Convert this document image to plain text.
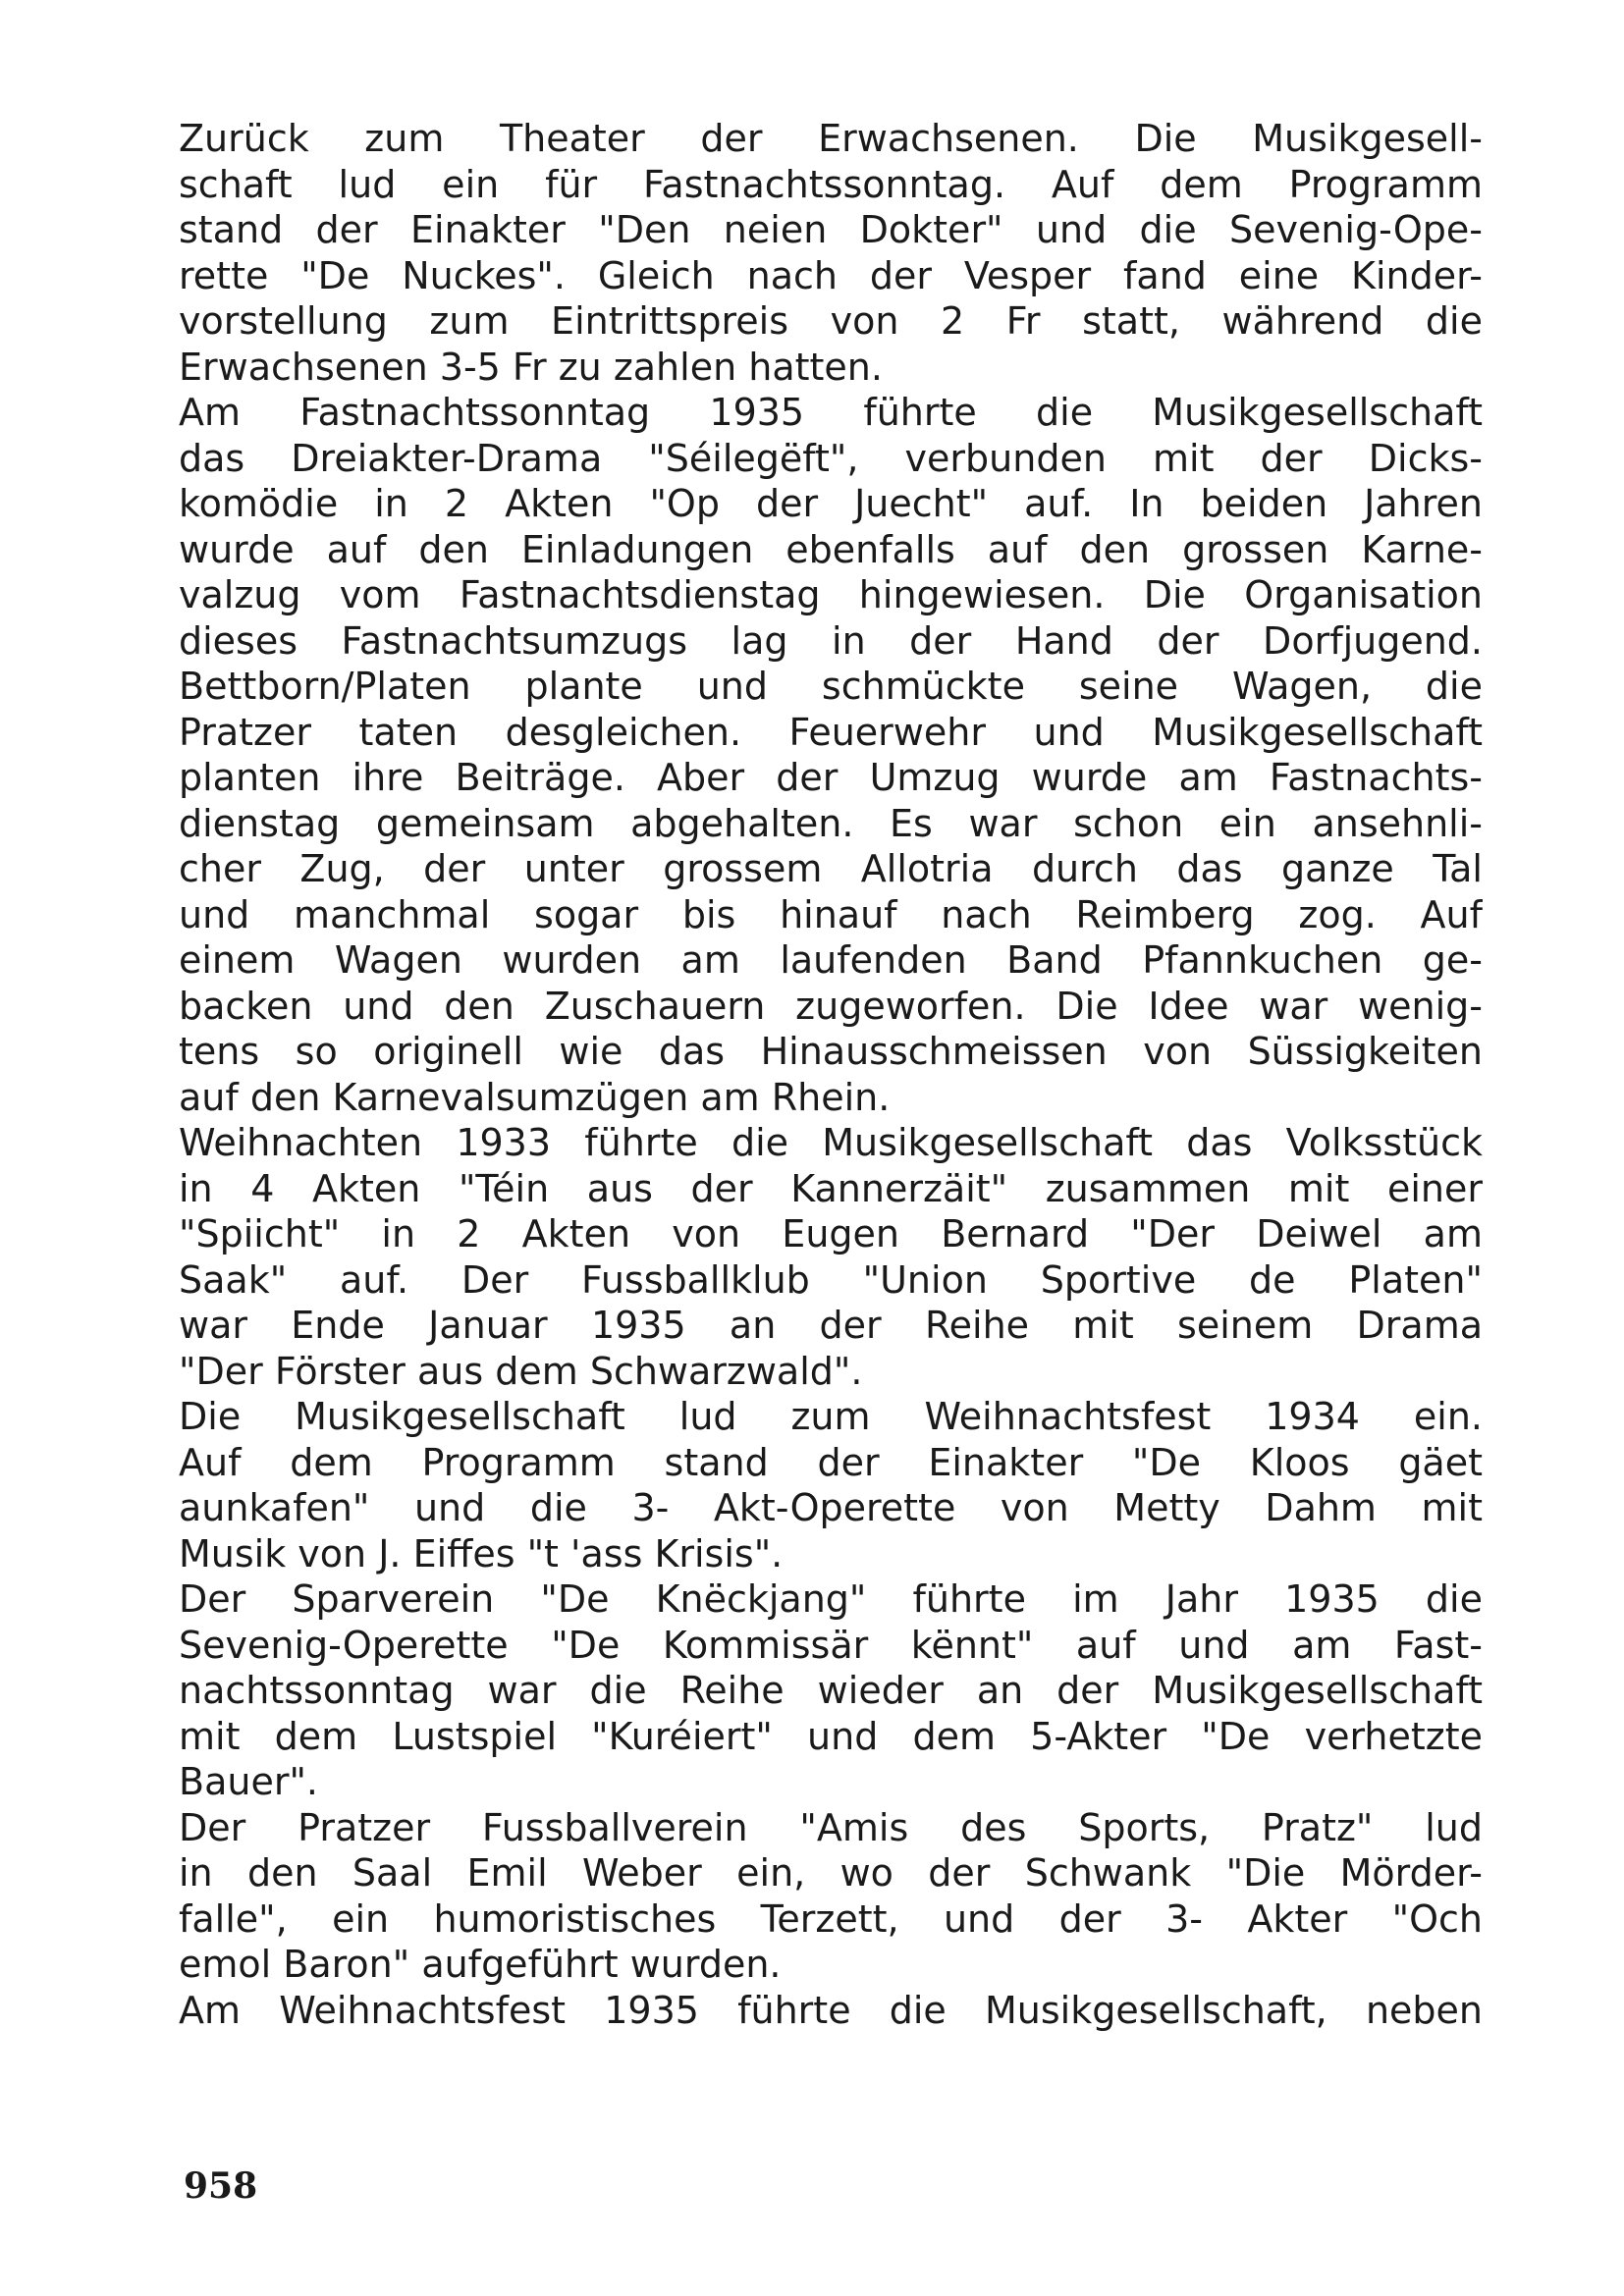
Zurück zum Theater der Erwachsenen. Die Musikgesell-
schaft lud ein für Fastnachtssonntag. Auf dem Programm
stand der Einakter "Den neien Dokter" und die Sevenig-Ope-
rette "De Nuckes". Gleich nach der Vesper fand eine Kinder-
vorstellung zum Eintrittspreis von 2 Fr statt, während die
Erwachsenen 3-5 Fr zu zahlen hatten.
Am Fastnachtssonntag 1935 führte die Musikgesellschaft
das Dreiakter-Drama "Séilegëft", verbunden mit der Dicks-
komödie in 2 Akten "Op der Juecht" auf. In beiden Jahren
wurde auf den Einladungen ebenfalls auf den grossen Karne-
valzug vom Fastnachtsdienstag hingewiesen. Die Organisation
dieses Fastnachtsumzugs lag in der Hand der Dorfjugend.
Bettborn/Platen plante und schmückte seine Wagen, die
Pratzer taten desgleichen. Feuerwehr und Musikgesellschaft
planten ihre Beiträge. Aber der Umzug wurde am Fastnachts-
dienstag gemeinsam abgehalten. Es war schon ein ansehnli-
cher Zug, der unter grossem Allotria durch das ganze Tal
und manchmal sogar bis hinauf nach Reimberg zog. Auf
einem Wagen wurden am laufenden Band Pfannkuchen ge-
backen und den Zuschauern zugeworfen. Die Idee war wenig-
tens so originell wie das Hinausschmeissen von Süssigkeiten
auf den Karnevalsumzügen am Rhein.
Weihnachten 1933 führte die Musikgesellschaft das Volksstück
in 4 Akten "Téin aus der Kannerzäit" zusammen mit einer
"Spiicht" in 2 Akten von Eugen Bernard "Der Deiwel am
Saak" auf. Der Fussballklub "Union Sportive de Platen"
war Ende Januar 1935 an der Reihe mit seinem Drama
"Der Förster aus dem Schwarzwald".
Die Musikgesellschaft lud zum Weihnachtsfest 1934 ein.
Auf dem Programm stand der Einakter "De Kloos gäet
aunkafen" und die 3- Akt-Operette von Metty Dahm mit
Musik von J. Eiffes "t 'ass Krisis".
Der Sparverein "De Knëckjang" führte im Jahr 1935 die
Sevenig-Operette "De Kommissär kënnt" auf und am Fast-
nachtssonntag war die Reihe wieder an der Musikgesellschaft
mit dem Lustspiel "Kuréiert" und dem 5-Akter "De verhetzte
Bauer".
Der Pratzer Fussballverein "Amis des Sports, Pratz" lud
in den Saal Emil Weber ein, wo der Schwank "Die Mörder-
falle", ein humoristisches Terzett, und der 3- Akter "Och
emol Baron" aufgeführt wurden.
Am Weihnachtsfest 1935 führte die Musikgesellschaft, neben
958
